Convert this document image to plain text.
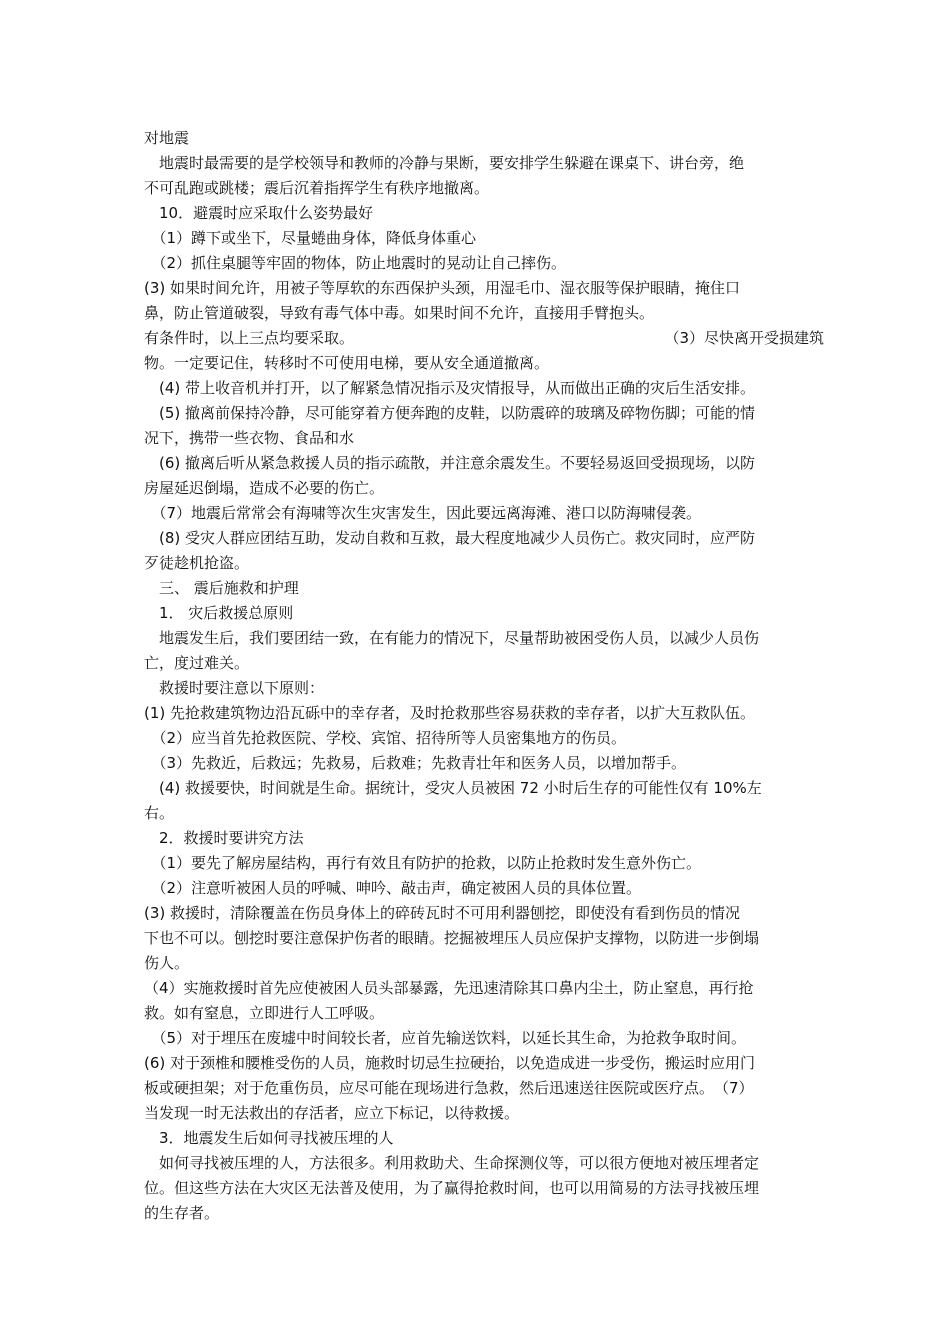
对地震
　地震时最需要的是学校领导和教师的冷静与果断，要安排学生躲避在课桌下、讲台旁，绝
不可乱跑或跳楼；震后沉着指挥学生有秩序地撤离。
　10．避震时应采取什么姿势最好
　（1）蹲下或坐下，尽量蜷曲身体，降低身体重心
　（2）抓住桌腿等牢固的物体，防止地震时的晃动让自己摔伤。
(3) 如果时间允许，用被子等厚软的东西保护头颈，用湿毛巾、湿衣服等保护眼睛，掩住口
鼻，防止管道破裂，导致有毒气体中毒。如果时间不允许，直接用手臂抱头。
有条件时，以上三点均要采取。	（3）尽快离开受损建筑
物。一定要记住，转移时不可使用电梯，要从安全通道撤离。
　(4) 带上收音机并打开，以了解紧急情况指示及灾情报导，从而做出正确的灾后生活安排。
　(5) 撤离前保持冷静，尽可能穿着方便奔跑的皮鞋，以防震碎的玻璃及碎物伤脚；可能的情
况下，携带一些衣物、食品和水
　(6) 撤离后听从紧急救援人员的指示疏散，并注意余震发生。不要轻易返回受损现场，以防
房屋延迟倒塌，造成不必要的伤亡。
　（7）地震后常常会有海啸等次生灾害发生，因此要远离海滩、港口以防海啸侵袭。
　(8) 受灾人群应团结互助，发动自救和互救，最大程度地减少人员伤亡。救灾同时，应严防
歹徒趁机抢盗。
　三、 震后施救和护理
　1． 灾后救援总原则
　地震发生后，我们要团结一致，在有能力的情况下，尽量帮助被困受伤人员，以减少人员伤
亡，度过难关。
　救援时要注意以下原则：
(1) 先抢救建筑物边沿瓦砾中的幸存者，及时抢救那些容易获救的幸存者，以扩大互救队伍。
　（2）应当首先抢救医院、学校、宾馆、招待所等人员密集地方的伤员。
　（3）先救近，后救远；先救易，后救难；先救青壮年和医务人员，以增加帮手。
　(4) 救援要快，时间就是生命。据统计，受灾人员被困 72 小时后生存的可能性仅有 10%左
右。
　2．救援时要讲究方法
　（1）要先了解房屋结构，再行有效且有防护的抢救，以防止抢救时发生意外伤亡。
　（2）注意听被困人员的呼喊、呻吟、敲击声，确定被困人员的具体位置。
(3) 救援时，清除覆盖在伤员身体上的碎砖瓦时不可用利器刨挖，即使没有看到伤员的情况
下也不可以。刨挖时要注意保护伤者的眼睛。挖掘被埋压人员应保护支撑物，以防进一步倒塌
伤人。
（4）实施救援时首先应使被困人员头部暴露，先迅速清除其口鼻内尘土，防止窒息，再行抢
救。如有窒息，立即进行人工呼吸。
　（5）对于埋压在废墟中时间较长者，应首先输送饮料，以延长其生命，为抢救争取时间。
(6) 对于颈椎和腰椎受伤的人员，施救时切忌生拉硬抬，以免造成进一步受伤，搬运时应用门
板或硬担架；对于危重伤员，应尽可能在现场进行急救，然后迅速送往医院或医疗点。　（7）
当发现一时无法救出的存活者，应立下标记，以待救援。
　3．地震发生后如何寻找被压埋的人
　如何寻找被压埋的人，方法很多。利用救助犬、生命探测仪等，可以很方便地对被压埋者定
位。但这些方法在大灾区无法普及使用，为了赢得抢救时间，也可以用简易的方法寻找被压埋
的生存者。
